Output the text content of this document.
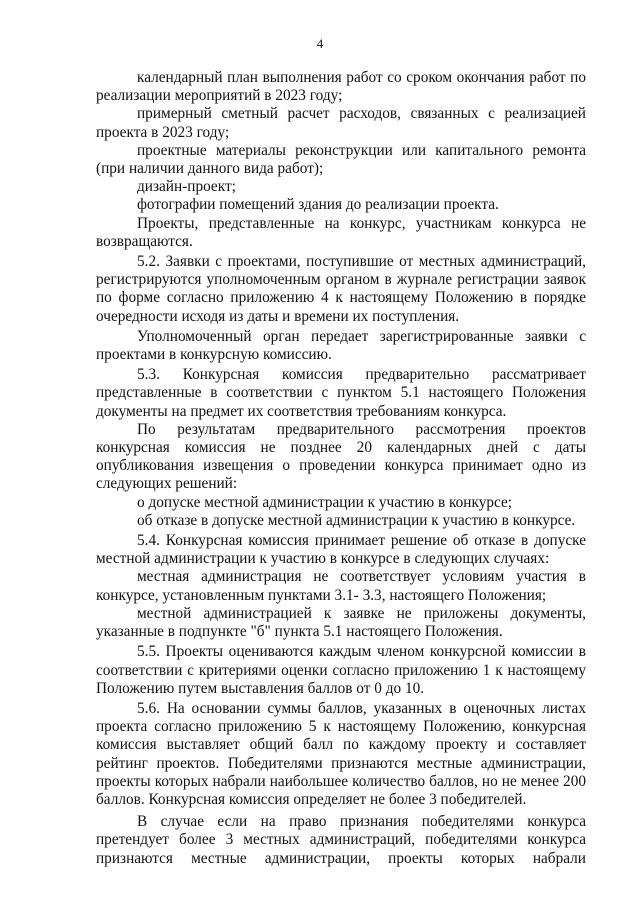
4

календарный план выполнения работ со сроком окончания работ по реализации мероприятий в 2023 году;

примерный сметный расчет расходов, связанных с реализацией проекта в 2023 году;

проектные материалы реконструкции или капитального ремонта (при наличии данного вида работ);

дизайн-проект;

фотографии помещений здания до реализации проекта.

Проекты, представленные на конкурс, участникам конкурса не возвращаются.

5.2. Заявки с проектами, поступившие от местных администраций, регистрируются уполномоченным органом в журнале регистрации заявок по форме согласно приложению 4 к настоящему Положению в порядке очередности исходя из даты и времени их поступления.

Уполномоченный орган передает зарегистрированные заявки с проектами в конкурсную комиссию.

5.3. Конкурсная комиссия предварительно рассматривает представленные в соответствии с пунктом 5.1 настоящего Положения документы на предмет их соответствия требованиям конкурса.

По результатам предварительного рассмотрения проектов конкурсная комиссия не позднее 20 календарных дней с даты опубликования извещения о проведении конкурса принимает одно из следующих решений:

о допуске местной администрации к участию в конкурсе;

об отказе в допуске местной администрации к участию в конкурсе.

5.4. Конкурсная комиссия принимает решение об отказе в допуске местной администрации к участию в конкурсе в следующих случаях:

местная администрация не соответствует условиям участия в конкурсе, установленным пунктами 3.1- 3.3, настоящего Положения;

местной администрацией к заявке не приложены документы, указанные в подпункте "б" пункта 5.1 настоящего Положения.

5.5. Проекты оцениваются каждым членом конкурсной комиссии в соответствии с критериями оценки согласно приложению 1 к настоящему Положению путем выставления баллов от 0 до 10.

5.6. На основании суммы баллов, указанных в оценочных листах проекта согласно приложению 5 к настоящему Положению, конкурсная комиссия выставляет общий балл по каждому проекту и составляет рейтинг проектов. Победителями признаются местные администрации, проекты которых набрали наибольшее количество баллов, но не менее 200 баллов. Конкурсная комиссия определяет не более 3 победителей.

В случае если на право признания победителями конкурса претендует более 3 местных администраций, победителями конкурса признаются местные администрации, проекты которых набрали
